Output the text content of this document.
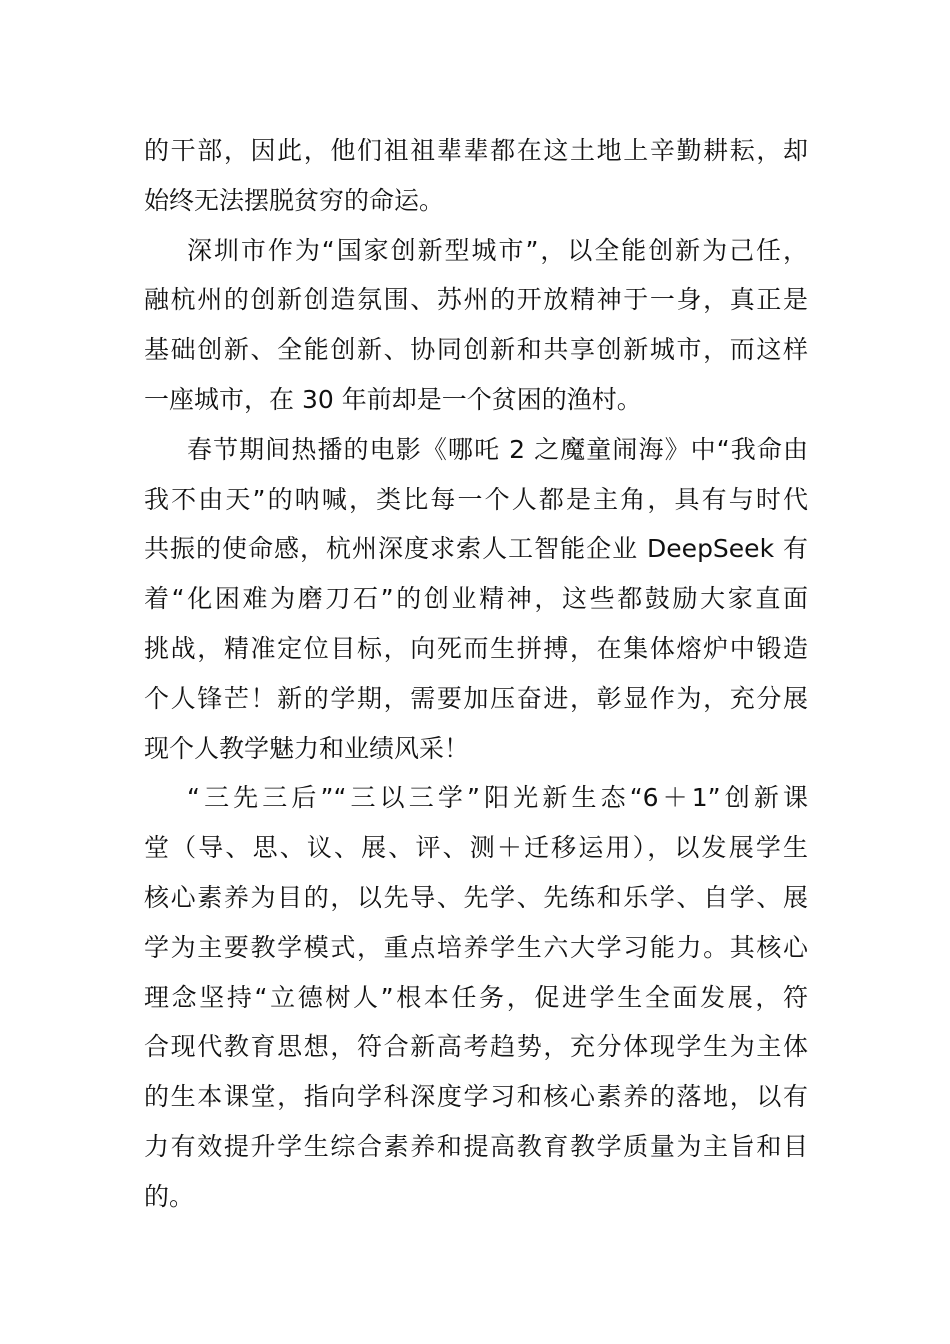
的干部，因此，他们祖祖辈辈都在这土地上辛勤耕耘，却
始终无法摆脱贫穷的命运。
深圳市作为“国家创新型城市”，以全能创新为己任，
融杭州的创新创造氛围、苏州的开放精神于一身，真正是
基础创新、全能创新、协同创新和共享创新城市，而这样
一座城市，在 30 年前却是一个贫困的渔村。
春节期间热播的电影《哪吒 2 之魔童闹海》中“我命由
我不由天”的呐喊，类比每一个人都是主角，具有与时代
共振的使命感，杭州深度求索人工智能企业 DeepSeek 有
着“化困难为磨刀石”的创业精神，这些都鼓励大家直面
挑战，精准定位目标，向死而生拼搏，在集体熔炉中锻造
个人锋芒！新的学期，需要加压奋进，彰显作为，充分展
现个人教学魅力和业绩风采！
“三先三后”“三以三学”阳光新生态“6＋1”创新课
堂（导、思、议、展、评、测＋迁移运用），以发展学生
核心素养为目的，以先导、先学、先练和乐学、自学、展
学为主要教学模式，重点培养学生六大学习能力。其核心
理念坚持“立德树人”根本任务，促进学生全面发展，符
合现代教育思想，符合新高考趋势，充分体现学生为主体
的生本课堂，指向学科深度学习和核心素养的落地，以有
力有效提升学生综合素养和提高教育教学质量为主旨和目
的。
